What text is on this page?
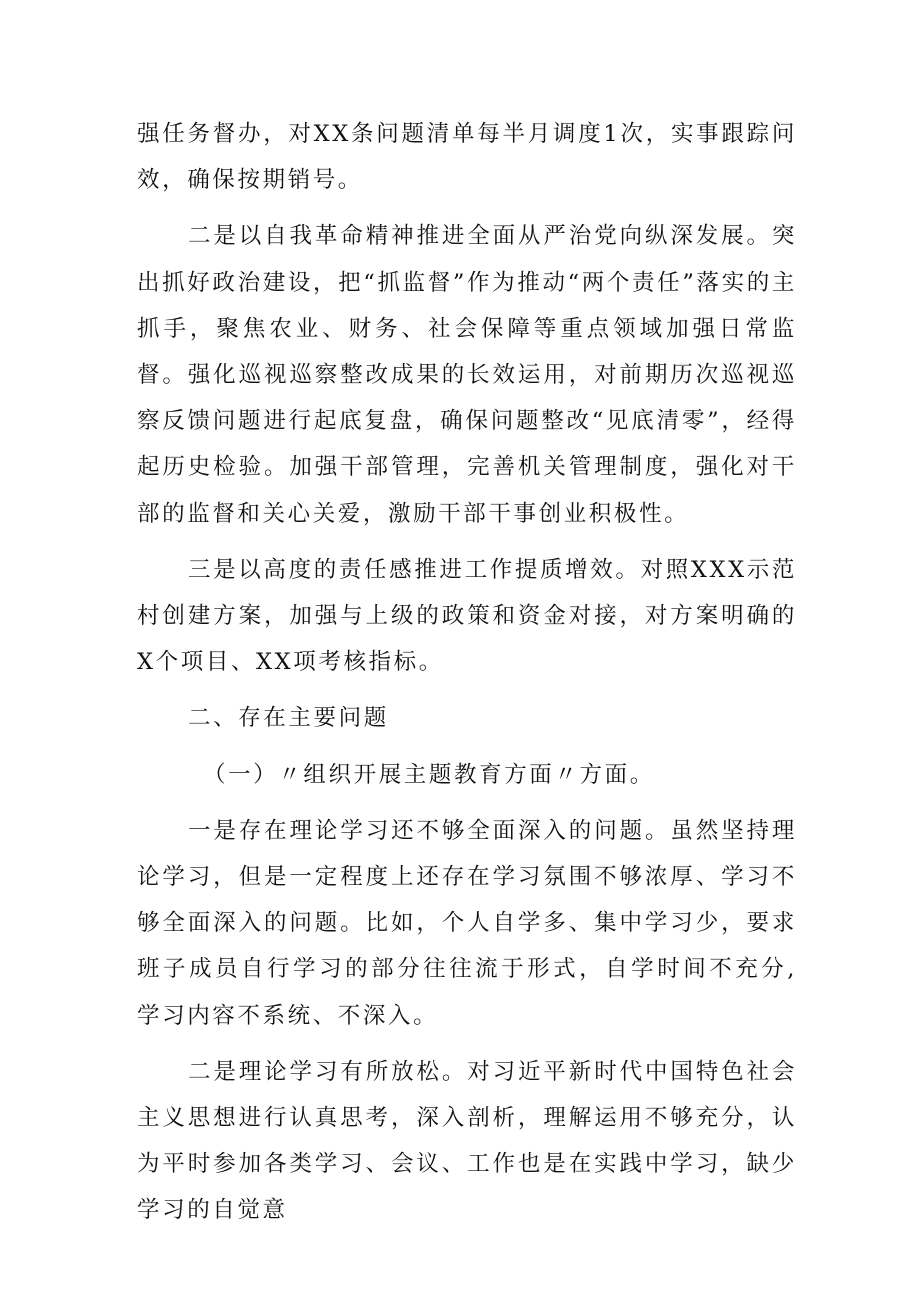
强任务督办，对XX条问题清单每半月调度1次，实事跟踪问效，确保按期销号。

二是以自我革命精神推进全面从严治党向纵深发展。突出抓好政治建设，把“抓监督”作为推动“两个责任”落实的主抓手，聚焦农业、财务、社会保障等重点领域加强日常监督。强化巡视巡察整改成果的长效运用，对前期历次巡视巡察反馈问题进行起底复盘，确保问题整改“见底清零”，经得起历史检验。加强干部管理，完善机关管理制度，强化对干部的监督和关心关爱，激励干部干事创业积极性。

三是以高度的责任感推进工作提质增效。对照XXX示范村创建方案，加强与上级的政策和资金对接，对方案明确的X个项目、XX项考核指标。

二、存在主要问题

（一）〃组织开展主题教育方面〃方面。

一是存在理论学习还不够全面深入的问题。虽然坚持理论学习，但是一定程度上还存在学习氛围不够浓厚、学习不够全面深入的问题。比如，个人自学多、集中学习少，要求班子成员自行学习的部分往往流于形式，自学时间不充分,学习内容不系统、不深入。

二是理论学习有所放松。对习近平新时代中国特色社会主义思想进行认真思考，深入剖析，理解运用不够充分，认为平时参加各类学习、会议、工作也是在实践中学习，缺少学习的自觉意
